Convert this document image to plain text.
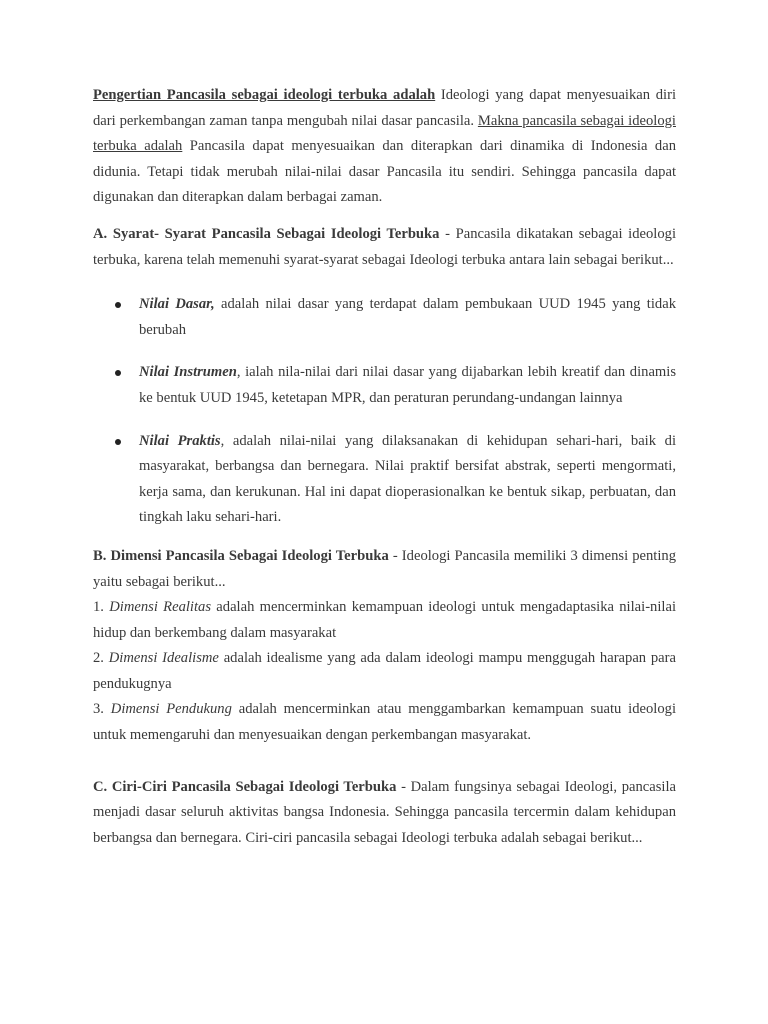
Pengertian Pancasila sebagai ideologi terbuka adalah Ideologi yang dapat menyesuaikan diri dari perkembangan zaman tanpa mengubah nilai dasar pancasila. Makna pancasila sebagai ideologi terbuka adalah Pancasila dapat menyesuaikan dan diterapkan dari dinamika di Indonesia dan didunia. Tetapi tidak merubah nilai-nilai dasar Pancasila itu sendiri. Sehingga pancasila dapat digunakan dan diterapkan dalam berbagai zaman.

A. Syarat- Syarat Pancasila Sebagai Ideologi Terbuka - Pancasila dikatakan sebagai ideologi terbuka, karena telah memenuhi syarat-syarat sebagai Ideologi terbuka antara lain sebagai berikut...

Nilai Dasar, adalah nilai dasar yang terdapat dalam pembukaan UUD 1945 yang tidak berubah
Nilai Instrumen, ialah nila-nilai dari nilai dasar yang dijabarkan lebih kreatif dan dinamis ke bentuk UUD 1945, ketetapan MPR, dan peraturan perundang-undangan lainnya
Nilai Praktis, adalah nilai-nilai yang dilaksanakan di kehidupan sehari-hari, baik di masyarakat, berbangsa dan bernegara. Nilai praktif bersifat abstrak, seperti mengormati, kerja sama, dan kerukunan. Hal ini dapat dioperasionalkan ke bentuk sikap, perbuatan, dan tingkah laku sehari-hari.

B. Dimensi Pancasila Sebagai Ideologi Terbuka - Ideologi Pancasila memiliki 3 dimensi penting yaitu sebagai berikut...

1. Dimensi Realitas adalah mencerminkan kemampuan ideologi untuk mengadaptasika nilai-nilai hidup dan berkembang dalam masyarakat

2. Dimensi Idealisme adalah idealisme yang ada dalam ideologi mampu menggugah harapan para pendukugnya

3. Dimensi Pendukung adalah mencerminkan atau menggambarkan kemampuan suatu ideologi untuk memengaruhi dan menyesuaikan dengan perkembangan masyarakat.

C. Ciri-Ciri Pancasila Sebagai Ideologi Terbuka - Dalam fungsinya sebagai Ideologi, pancasila menjadi dasar seluruh aktivitas bangsa Indonesia. Sehingga pancasila tercermin dalam kehidupan berbangsa dan bernegara. Ciri-ciri pancasila sebagai Ideologi terbuka adalah sebagai berikut...
